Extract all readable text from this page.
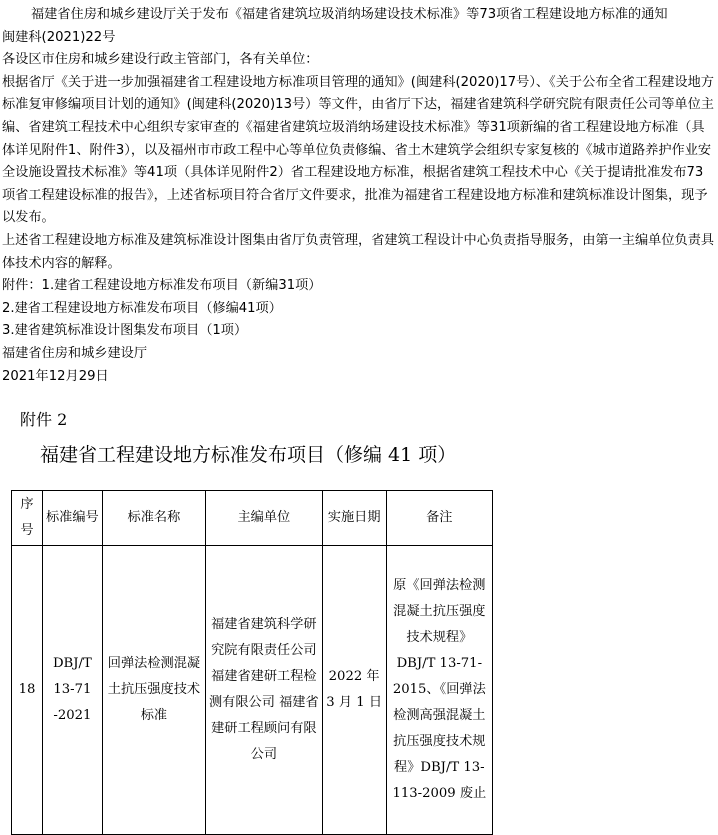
福建省住房和城乡建设厅关于发布《福建省建筑垃圾消纳场建设技术标准》等73项省工程建设地方标准的通知

闽建科(2021)22号

各设区市住房和城乡建设行政主管部门，各有关单位：

根据省厅《关于进一步加强福建省工程建设地方标准项目管理的通知》(闽建科(2020)17号）、《关于公布全省工程建设地方标准复审修编项目计划的通知》(闽建科(2020)13号）等文件，由省厅下达，福建省建筑科学研究院有限责任公司等单位主编、省建筑工程技术中心组织专家审查的《福建省建筑垃圾消纳场建设技术标准》等31项新编的省工程建设地方标准（具体详见附件1、附件3），以及福州市市政工程中心等单位负责修编、省土木建筑学会组织专家复核的《城市道路养护作业安全设施设置技术标准》等41项（具体详见附件2）省工程建设地方标准，根据省建筑工程技术中心《关于提请批准发布73项省工程建设标准的报告》，上述省标项目符合省厅文件要求，批准为福建省工程建设地方标准和建筑标准设计图集，现予以发布。

上述省工程建设地方标准及建筑标准设计图集由省厅负责管理，省建筑工程设计中心负责指导服务，由第一主编单位负责具体技术内容的解释。

附件：1.建省工程建设地方标准发布项目（新编31项）

2.建省工程建设地方标准发布项目（修编41项）

3.建省建筑标准设计图集发布项目（1项）

福建省住房和城乡建设厅

2021年12月29日

附件 2
福建省工程建设地方标准发布项目（修编 41 项）
序号	标准编号	标准名称	主编单位	实施日期	备注
18	DBJ/T 13-71 -2021	回弹法检测混凝土抗压强度技术标准	福建省建筑科学研究院有限责任公司 福建省建研工程检测有限公司 福建省建研工程顾问有限公司	2022 年 3 月 1 日	原《回弹法检测混凝土抗压强度技术规程》DBJ/T 13-71-2015、《回弹法检测高强混凝土抗压强度技术规程》DBJ/T 13-113-2009 废止
